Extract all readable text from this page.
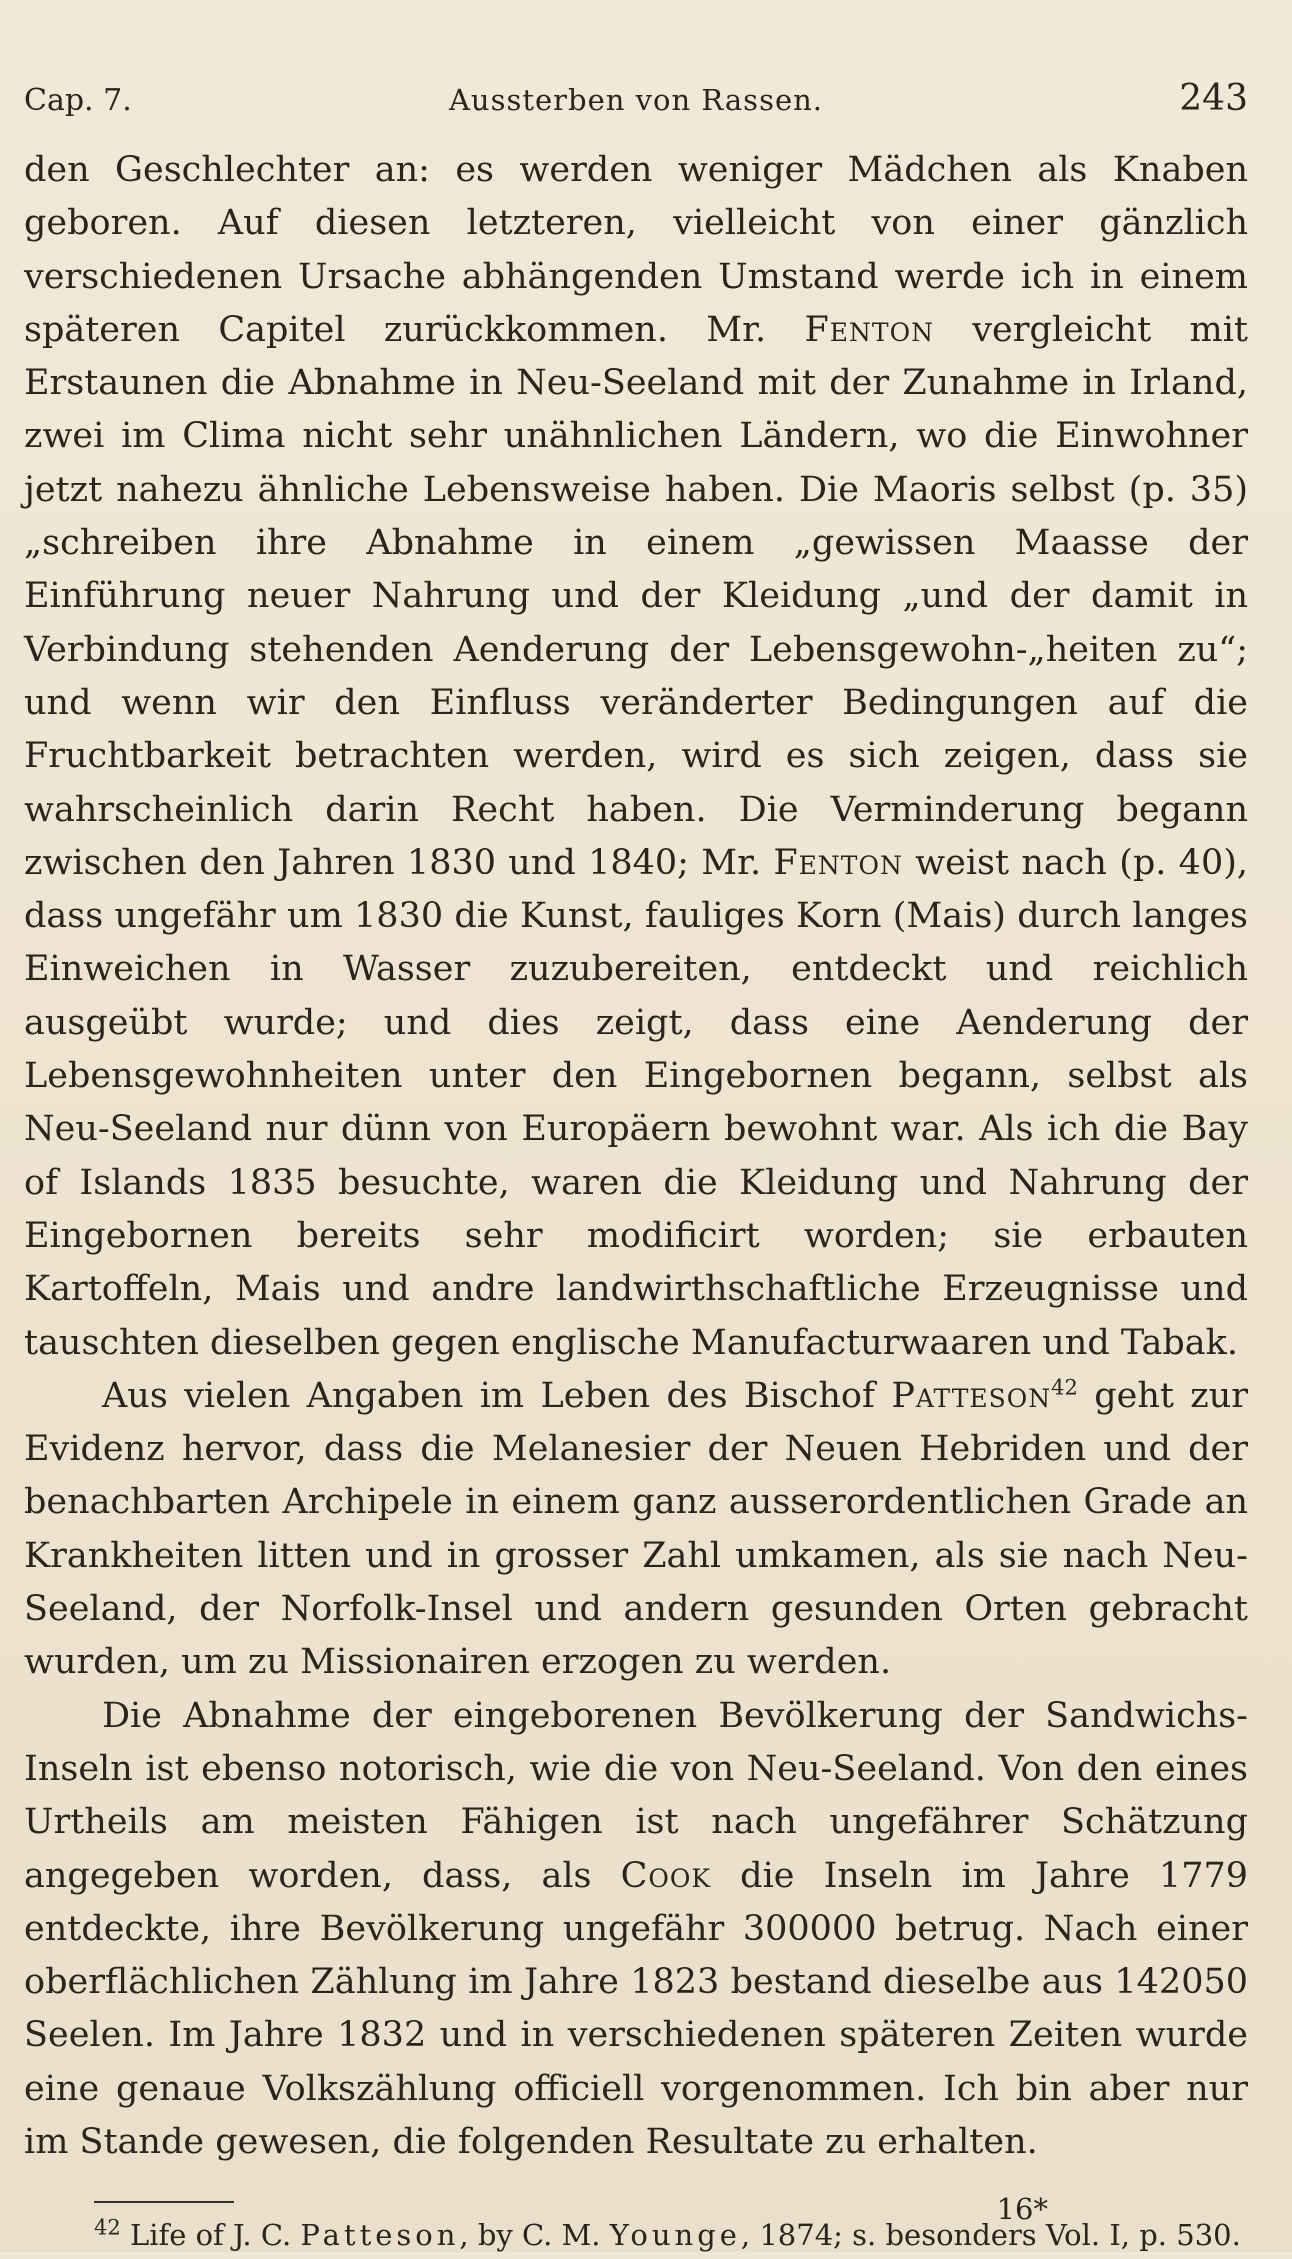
Cap. 7.	Aussterben von Rassen.	243

den Geschlechter an: es werden weniger Mädchen als Knaben geboren. Auf diesen letzteren, vielleicht von einer gänzlich verschiedenen Ursache abhängenden Umstand werde ich in einem späteren Capitel zurückkommen. Mr. Fenton vergleicht mit Erstaunen die Abnahme in Neu-Seeland mit der Zunahme in Irland, zwei im Clima nicht sehr unähnlichen Ländern, wo die Einwohner jetzt nahezu ähnliche Lebensweise haben. Die Maoris selbst (p. 35) „schreiben ihre Abnahme in einem „gewissen Maasse der Einführung neuer Nahrung und der Kleidung „und der damit in Verbindung stehenden Aenderung der Lebensgewohn-„heiten zu“; und wenn wir den Einfluss veränderter Bedingungen auf die Fruchtbarkeit betrachten werden, wird es sich zeigen, dass sie wahrscheinlich darin Recht haben. Die Verminderung begann zwischen den Jahren 1830 und 1840; Mr. Fenton weist nach (p. 40), dass ungefähr um 1830 die Kunst, fauliges Korn (Mais) durch langes Einweichen in Wasser zuzubereiten, entdeckt und reichlich ausgeübt wurde; und dies zeigt, dass eine Aenderung der Lebensgewohnheiten unter den Eingebornen begann, selbst als Neu-Seeland nur dünn von Europäern bewohnt war. Als ich die Bay of Islands 1835 besuchte, waren die Kleidung und Nahrung der Eingebornen bereits sehr modificirt worden; sie erbauten Kartoffeln, Mais und andre landwirthschaftliche Erzeugnisse und tauschten dieselben gegen englische Manufacturwaaren und Tabak.

Aus vielen Angaben im Leben des Bischof Patteson$^{42}$ geht zur Evidenz hervor, dass die Melanesier der Neuen Hebriden und der benachbarten Archipele in einem ganz ausserordentlichen Grade an Krankheiten litten und in grosser Zahl umkamen, als sie nach Neu-Seeland, der Norfolk-Insel und andern gesunden Orten gebracht wurden, um zu Missionairen erzogen zu werden.

Die Abnahme der eingeborenen Bevölkerung der Sandwichs-Inseln ist ebenso notorisch, wie die von Neu-Seeland. Von den eines Urtheils am meisten Fähigen ist nach ungefährer Schätzung angegeben worden, dass, als Cook die Inseln im Jahre 1779 entdeckte, ihre Bevölkerung ungefähr 300000 betrug. Nach einer oberflächlichen Zählung im Jahre 1823 bestand dieselbe aus 142050 Seelen. Im Jahre 1832 und in verschiedenen späteren Zeiten wurde eine genaue Volkszählung officiell vorgenommen. Ich bin aber nur im Stande gewesen, die folgenden Resultate zu erhalten.

$^{42}$ Life of J. C. Patteson, by C. M. Younge, 1874; s. besonders Vol. I, p. 530.

16*
